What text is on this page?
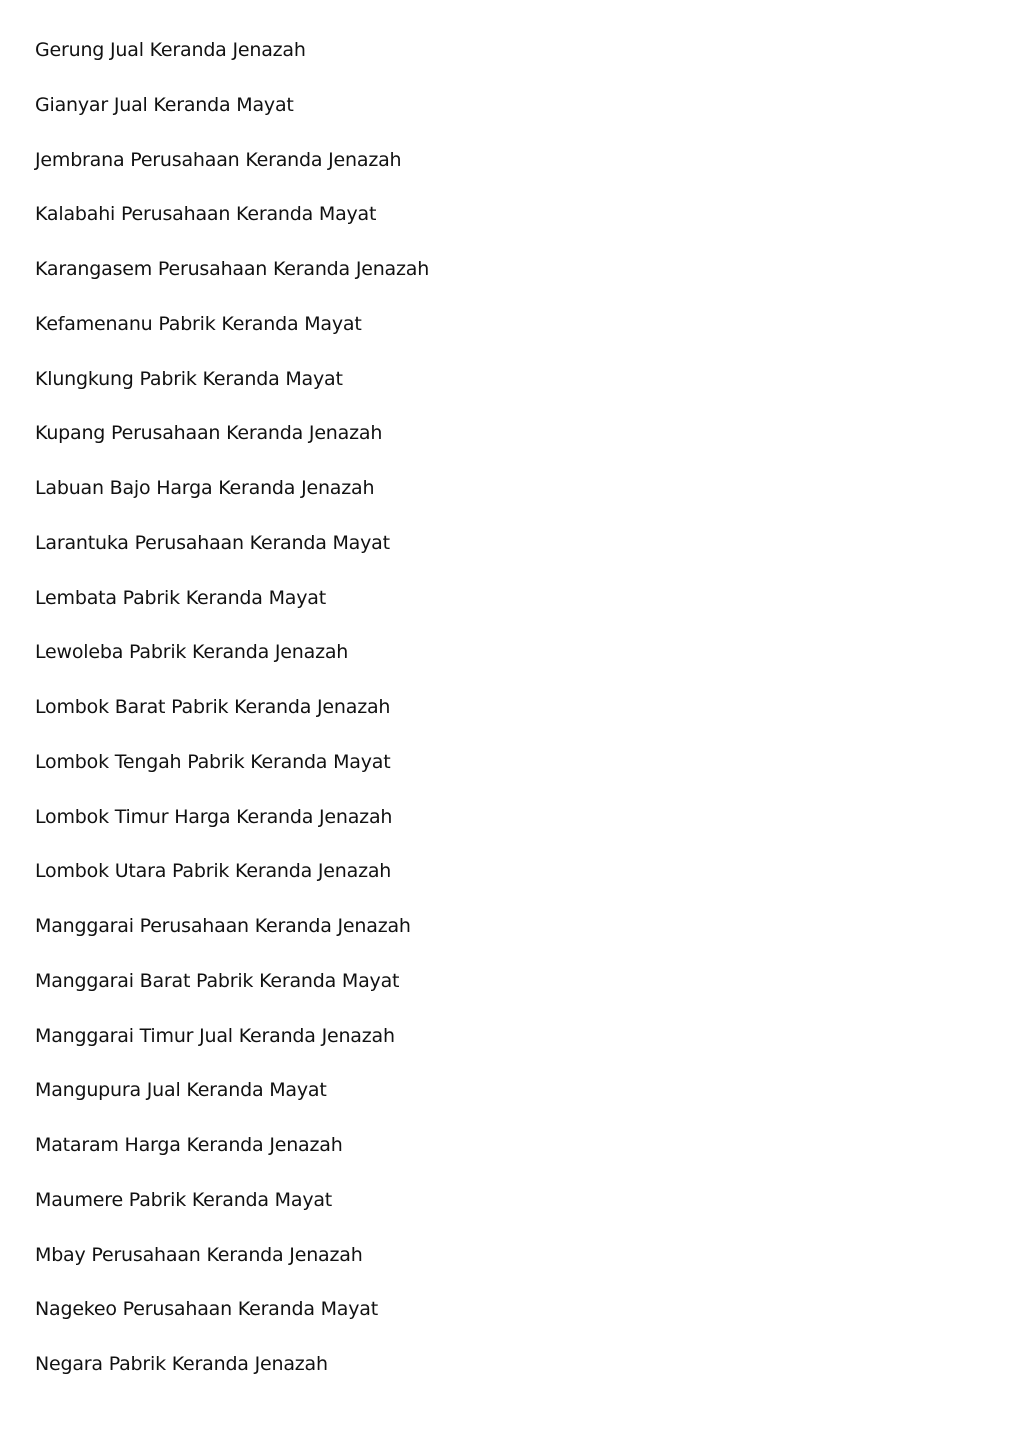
Gerung Jual Keranda Jenazah
Gianyar Jual Keranda Mayat
Jembrana Perusahaan Keranda Jenazah
Kalabahi Perusahaan Keranda Mayat
Karangasem Perusahaan Keranda Jenazah
Kefamenanu Pabrik Keranda Mayat
Klungkung Pabrik Keranda Mayat
Kupang Perusahaan Keranda Jenazah
Labuan Bajo Harga Keranda Jenazah
Larantuka Perusahaan Keranda Mayat
Lembata Pabrik Keranda Mayat
Lewoleba Pabrik Keranda Jenazah
Lombok Barat Pabrik Keranda Jenazah
Lombok Tengah Pabrik Keranda Mayat
Lombok Timur Harga Keranda Jenazah
Lombok Utara Pabrik Keranda Jenazah
Manggarai Perusahaan Keranda Jenazah
Manggarai Barat Pabrik Keranda Mayat
Manggarai Timur Jual Keranda Jenazah
Mangupura Jual Keranda Mayat
Mataram Harga Keranda Jenazah
Maumere Pabrik Keranda Mayat
Mbay Perusahaan Keranda Jenazah
Nagekeo Perusahaan Keranda Mayat
Negara Pabrik Keranda Jenazah
